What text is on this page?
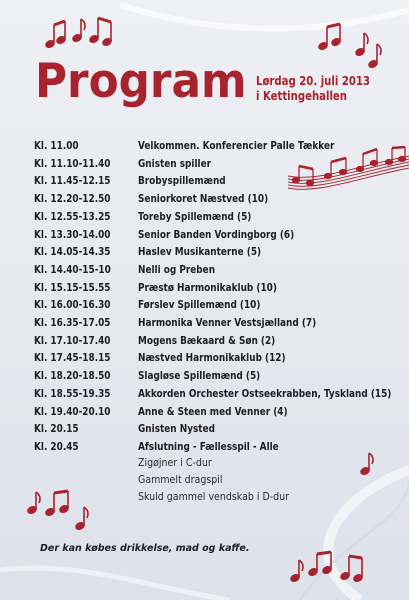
Program Lørdag 20. juli 2013
i Kettingehallen
Kl. 11.00	Velkommen. Konferencier Palle Tækker
Kl. 11.10-11.40	Gnisten spiller
Kl. 11.45-12.15	Brobyspillemænd
Kl. 12.20-12.50	Seniorkoret Næstved (10)
Kl. 12.55-13.25	Toreby Spillemænd (5)
Kl. 13.30-14.00	Senior Banden Vordingborg (6)
Kl. 14.05-14.35	Haslev Musikanterne (5)
Kl. 14.40-15-10 Nelli og Preben
Kl. 15.15-15.55	Præstø Harmonikaklub (10)
Kl. 16.00-16.30	Førslev Spillemænd (10)
Kl. 16.35-17.05	Harmonika Venner Vestsjælland (7)
Kl. 17.10-17.40	Mogens Bækaard & Søn (2)
Kl. 17.45-18.15	Næstved Harmonikaklub (12)
Kl. 18.20-18.50	Slagløse Spillemænd (5)
Kl. 18.55-19.35	Akkorden Orchester Ostseekrabben, Tyskland (15)
Kl. 19.40-20.10	Anne & Steen med Venner (4)
Kl. 20.15	Gnisten Nysted
Kl. 20.45	Afslutning - Fællesspil - Alle
Zigøjner i C-dur
Gammelt dragspil
Skuld gammel vendskab i D-dur
Der kan købes drikkelse, mad og kaffe.
